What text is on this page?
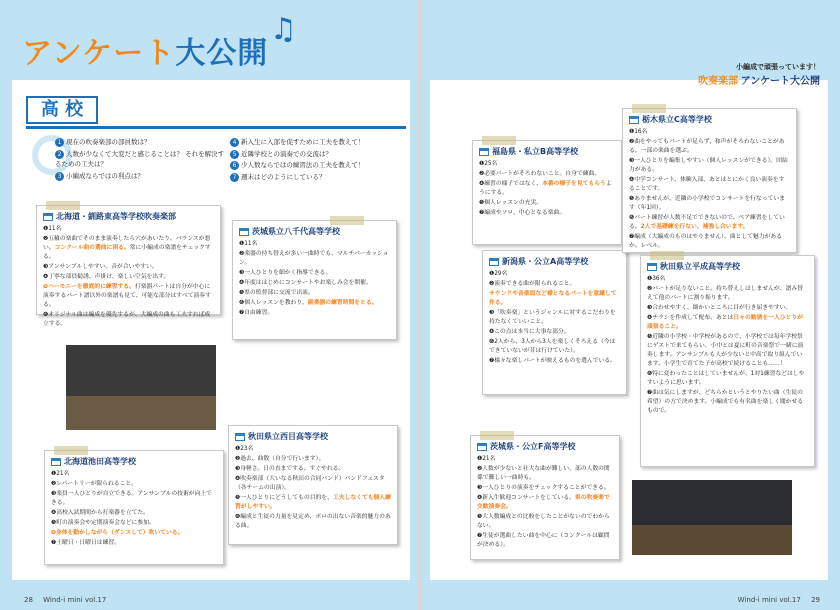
アンケート大公開
♫
高 校

1 現在の吹奏楽部の部員数は？

2 人数が少なくて大変だと感じることは？ それを解決するための工夫は？

3 小編成ならではの利点は？

4 新入生に入部を促すために工夫を教えて！

5 近隣学校との演奏での交流は？

6 少人数ならではの練習法の工夫を教えて！

7 週末はどのようにしている？

北海道・釧路東高等学校吹奏楽部

❶11名

❷五輪の楽曲でそのまま演奏したら穴があいたり、バランスが悪い。コンクール曲の選曲に困る。常に小編成の楽譜をチェックする。

❸アンサンブルしやすい。音が合いやすい。

❹丁寧な部員勧誘、声掛け、楽しい空気を出す。

❺ハーモニーを徹底的に練習する。打楽器パートは自分が中心に演奏するパート譜以外の楽譜も見て、可能な部分はすべて演奏する。

❻オリジナル曲は編成を優先するが、大編成の曲も工夫すれば成立する。

北海道池田高等学校

❶21名

❷レパートリーが限られること。

❸楽員一人ひとりが自立できる。アンサンブルの技術が向上できる。

❹高校入試期間から打楽器を立てた。

❺町の演奏会や定期演奏会などに参加。

❻身体を動かしながら（ダンスして）吹いている。

❼土曜日・日曜日は練習。

茨城県立八千代高等学校

❶11名

❷楽器の持ち替えが多い一曲時でも、マルチパーカッション。

❸一人ひとりを細かく指導できる。

❹年度ははじめにコンサートやお楽しみ会を開催。

❺県の監督部に交流で出演。

❻個人レッスンを教わり、副楽器の練習時間をとる。

❼自由練習。

秋田県立西目高等学校

❶23名

❷過去、曲数（自分で行います）。

❸身軽さ。日の直までする。すぐやれる。

❹吹奏楽部（大いなる秋田の合同バンド）バンドフェスタ（各チームの出演）。

❺一人ひとりにどうしてもの目的を、工夫しなくても個人練習がしやすい。

❻編成と生徒の力量を見定め、ポロの出ない音楽的魅力のある曲。

28 Wind-i mini vol.17
小編成で頑張っています！
吹奏楽部 アンケート大公開
福島県・私立B高等学校

❶25名

❷必要パートがそろわないこと。自身で練曲。

❹練習の様子ではなく、本番の様子を見てもらうようにする。

❺個人レッスンの充実。

❼編成やソロ、中心となる楽曲。

新潟県・公立A高等学校

❶29名

❷演奏できる曲が限られること。

サウンドや音楽面など様となるパートを意識して作る。

❸「吹奏楽」というジャンルに対するこだわりを持たなくていいこと。

❹この点は本当に大事な部分。

❻2人から、3人から3人を楽しくそろえる（今はできていないが昔は行けていた）。

❼様々な楽しパートが映えるものを選んでいる。

茨城県・公立F高等学校

❶21名

❷人数が少ないと社大な曲が難しい。部の人数の関係で難しい一曲時も。

❸一人ひとりの演奏をチェックすることができる。

❹新入生歓迎コンサートをしている。県の吹奏楽で交歓演奏会。

❺大人数編成との比較をしたことがないのでわからない。

❼生徒が選曲したい曲を中心に（コンクールは顧問が決める）。

栃木県立C高等学校

❶16名

❷曲をやってもパートが足らず、和声がそろわないことがある。一部の楽曲を選ぶ。

❸一人ひとりを編集しやすい（個人レッスンができる）。団結力がある。

❹中学コンサート、体験入部、あとはとにかく良い演奏をすることです。

❺ありませんが、近隣の小学校でコンサートを行なっています（年1回）。

❻パート練習が人数不足でできないので、ペア練習をしている。2人で基礎練を行ない、補強し合います。

❼編成（大編成のものはやりません）、曲として魅力があるか。レベル。

秋田県立平成高等学校

❶36名

❷パートが足りないこと。持ち替えしはしませんが、譜み替えて他のパートに割り振ります。

❸合わせやすく、細かいところに目が行き届きやすい。

❹チラシを作成して配布。あとは日々の勧誘を一人ひとりが頑張ること。

❺近隣の小学校・中学校があるので、小学校では毎年学校祭にゲストで来てもらい、小中とは夏に町の音楽祭で一緒に演奏します。アンサンブルも人が少ないと中高で取り組んでいます。小学生で育てた子が高校で続けることも……！

❻特に変わったことはしていませんが、1対1練習などはしやすいように思います。

❼曲は気にしますが、どちらかというとやりたい曲（生徒の希望）の方で決めます。小編成でも有名曲を楽しく聞かせるもので。

Wind-i mini vol.17 29
